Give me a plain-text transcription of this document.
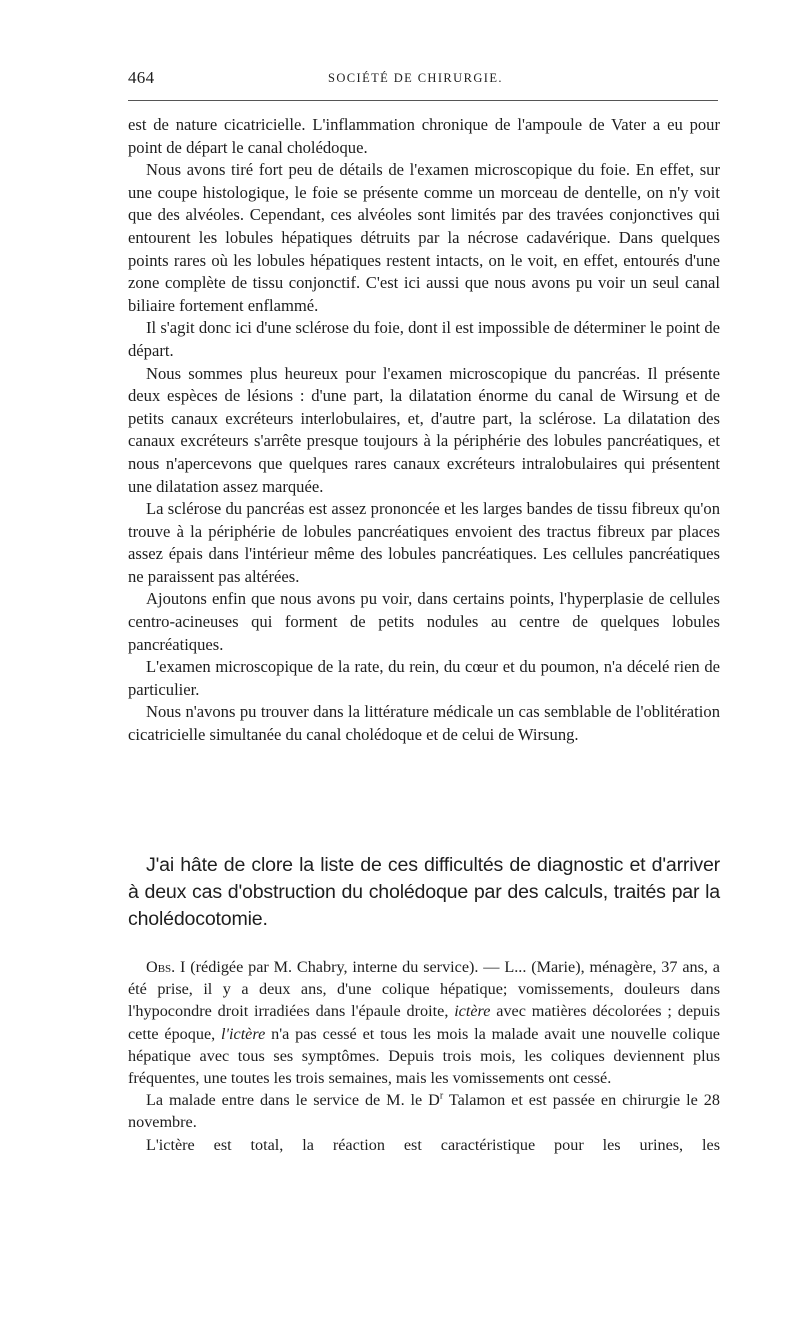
464	SOCIÉTÉ DE CHIRURGIE.

est de nature cicatricielle. L'inflammation chronique de l'ampoule de Vater a eu pour point de départ le canal cholédoque.

Nous avons tiré fort peu de détails de l'examen microscopique du foie. En effet, sur une coupe histologique, le foie se présente comme un morceau de dentelle, on n'y voit que des alvéoles. Cependant, ces alvéoles sont limités par des travées conjonctives qui entourent les lobules hépatiques détruits par la nécrose cadavérique. Dans quelques points rares où les lobules hépatiques restent intacts, on le voit, en effet, entourés d'une zone complète de tissu conjonctif. C'est ici aussi que nous avons pu voir un seul canal biliaire fortement enflammé.

Il s'agit donc ici d'une sclérose du foie, dont il est impossible de déterminer le point de départ.

Nous sommes plus heureux pour l'examen microscopique du pancréas. Il présente deux espèces de lésions : d'une part, la dilatation énorme du canal de Wirsung et de petits canaux excréteurs interlobulaires, et, d'autre part, la sclérose. La dilatation des canaux excréteurs s'arrête presque toujours à la périphérie des lobules pancréatiques, et nous n'apercevons que quelques rares canaux excréteurs intralobulaires qui présentent une dilatation assez marquée.

La sclérose du pancréas est assez prononcée et les larges bandes de tissu fibreux qu'on trouve à la périphérie de lobules pancréatiques envoient des tractus fibreux par places assez épais dans l'intérieur même des lobules pancréatiques. Les cellules pancréatiques ne paraissent pas altérées.

Ajoutons enfin que nous avons pu voir, dans certains points, l'hyperplasie de cellules centro-acineuses qui forment de petits nodules au centre de quelques lobules pancréatiques.

L'examen microscopique de la rate, du rein, du cœur et du poumon, n'a décelé rien de particulier.

Nous n'avons pu trouver dans la littérature médicale un cas semblable de l'oblitération cicatricielle simultanée du canal cholédoque et de celui de Wirsung.

J'ai hâte de clore la liste de ces difficultés de diagnostic et d'arriver à deux cas d'obstruction du cholédoque par des calculs, traités par la cholédocotomie.

Obs. I (rédigée par M. Chabry, interne du service). — L... (Marie), ménagère, 37 ans, a été prise, il y a deux ans, d'une colique hépatique; vomissements, douleurs dans l'hypocondre droit irradiées dans l'épaule droite, ictère avec matières décolorées ; depuis cette époque, l'ictère n'a pas cessé et tous les mois la malade avait une nouvelle colique hépatique avec tous ses symptômes. Depuis trois mois, les coliques deviennent plus fréquentes, une toutes les trois semaines, mais les vomissements ont cessé.

La malade entre dans le service de M. le $D^r$ Talamon et est passée en chirurgie le 28 novembre.

L'ictère est total, la réaction est caractéristique pour les urines, les
